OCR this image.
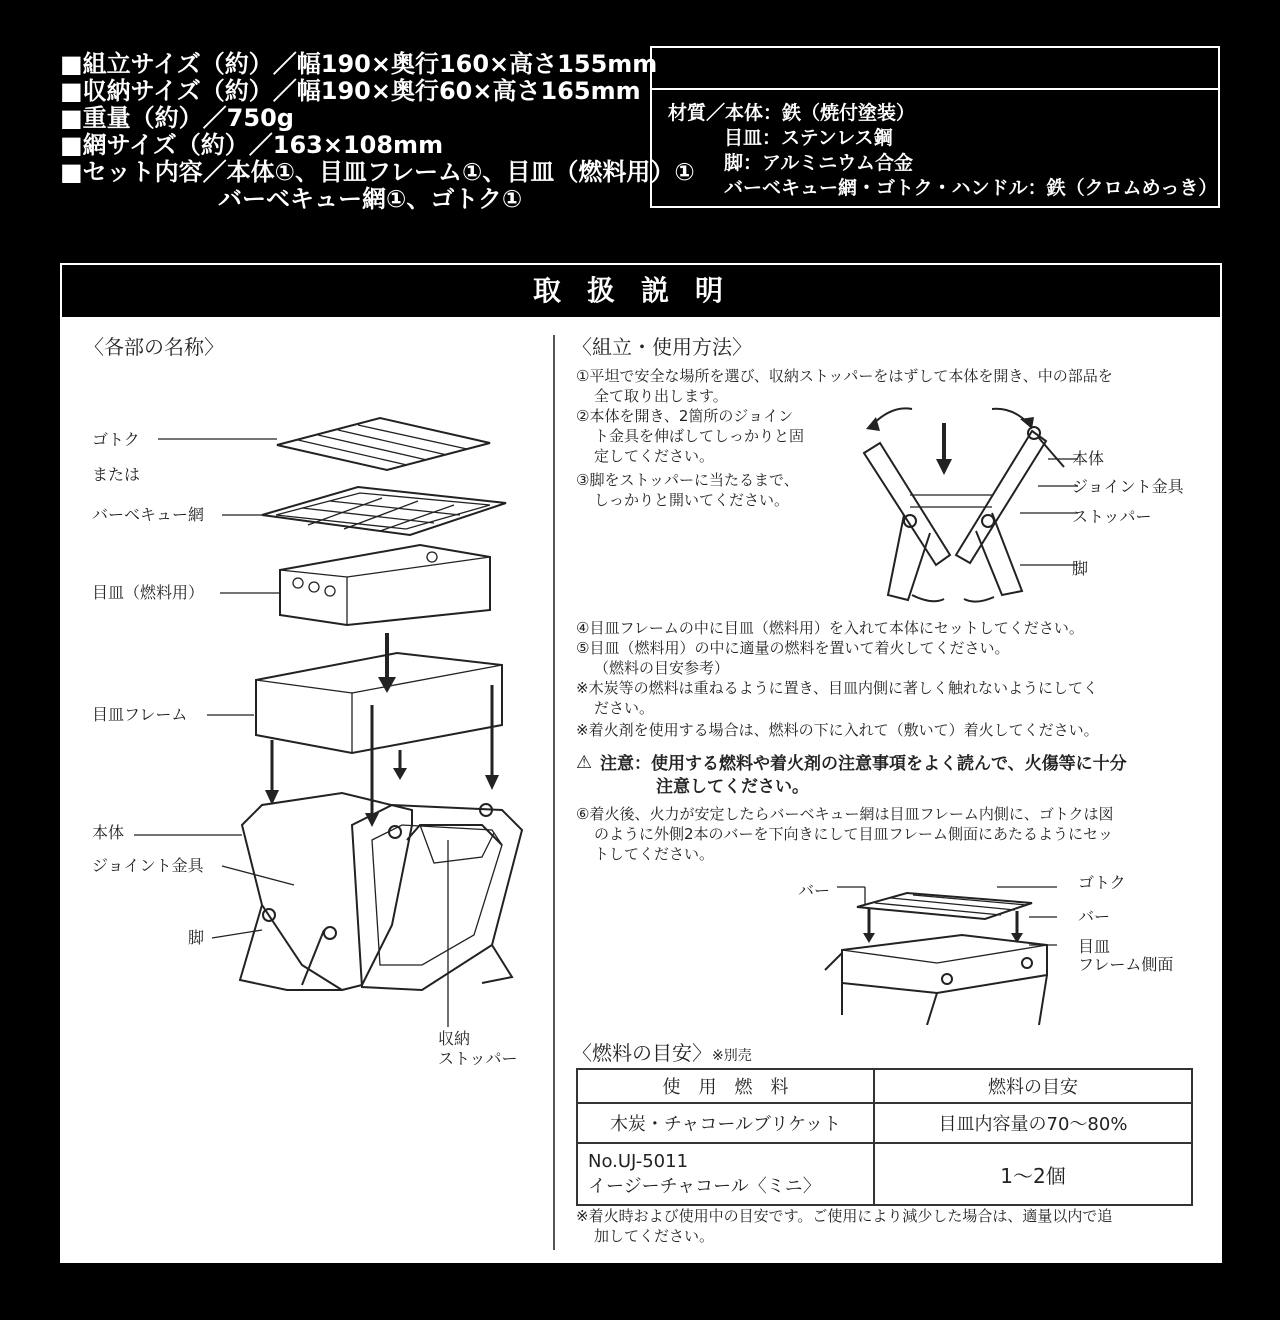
■組立サイズ（約）／幅190×奥行160×高さ155mm
■収納サイズ（約）／幅190×奥行60×高さ165mm
■重量（約）／750g
■網サイズ（約）／163×108mm
■セット内容／本体①、目皿フレーム①、目皿（燃料用）①
バーベキュー網①、ゴトク①
材質／本体：鉄（焼付塗装）
目皿：ステンレス鋼
脚：アルミニウム合金
バーベキュー網・ゴトク・ハンドル：鉄（クロムめっき）
取扱説明
〈各部の名称〉
ゴトク
または
バーベキュー網
目皿（燃料用）
目皿フレーム
本体
ジョイント金具
脚
収納
ストッパー
〈組立・使用方法〉
①平坦で安全な場所を選び、収納ストッパーをはずして本体を開き、中の部品を
全て取り出します。
②本体を開き、2箇所のジョイン
ト金具を伸ばしてしっかりと固
定してください。
③脚をストッパーに当たるまで、
しっかりと開いてください。
本体
ジョイント金具
ストッパー
脚
④目皿フレームの中に目皿（燃料用）を入れて本体にセットしてください。
⑤目皿（燃料用）の中に適量の燃料を置いて着火してください。
（燃料の目安参考）
※木炭等の燃料は重ねるように置き、目皿内側に著しく触れないようにしてく
ださい。
※着火剤を使用する場合は、燃料の下に入れて（敷いて）着火してください。
⚠ 注意：使用する燃料や着火剤の注意事項をよく読んで、火傷等に十分
注意してください。
⑥着火後、火力が安定したらバーベキュー網は目皿フレーム内側に、ゴトクは図
のように外側2本のバーを下向きにして目皿フレーム側面にあたるようにセッ
トしてください。
バー	ゴトク
バー
目皿
フレーム側面
〈燃料の目安〉※別売
使　用　燃　料	燃料の目安
木炭・チャコールブリケット	目皿内容量の70〜80%

No.UJ-5011
イージーチャコール〈ミニ〉	1〜2個
※着火時および使用中の目安です。ご使用により減少した場合は、適量以内で追
加してください。
